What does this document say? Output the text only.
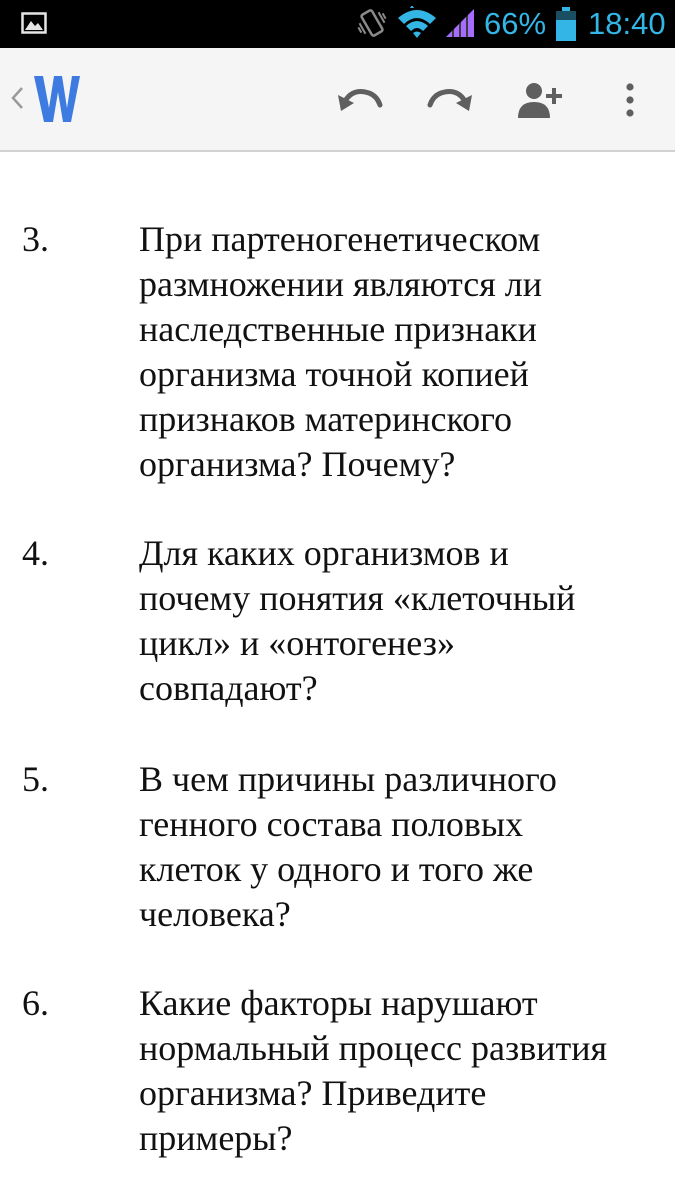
66% 18:40
3.	При партеногенетическом
размножении являются ли
наследственные признаки
организма точной копией
признаков материнского
организма? Почему?
4.	Для каких организмов и
почему понятия «клеточный
цикл» и «онтогенез»
совпадают?
5.	В чем причины различного
генного состава половых
клеток у одного и того же
человека?
6.	Какие факторы нарушают
нормальный процесс развития
организма? Приведите
примеры?
